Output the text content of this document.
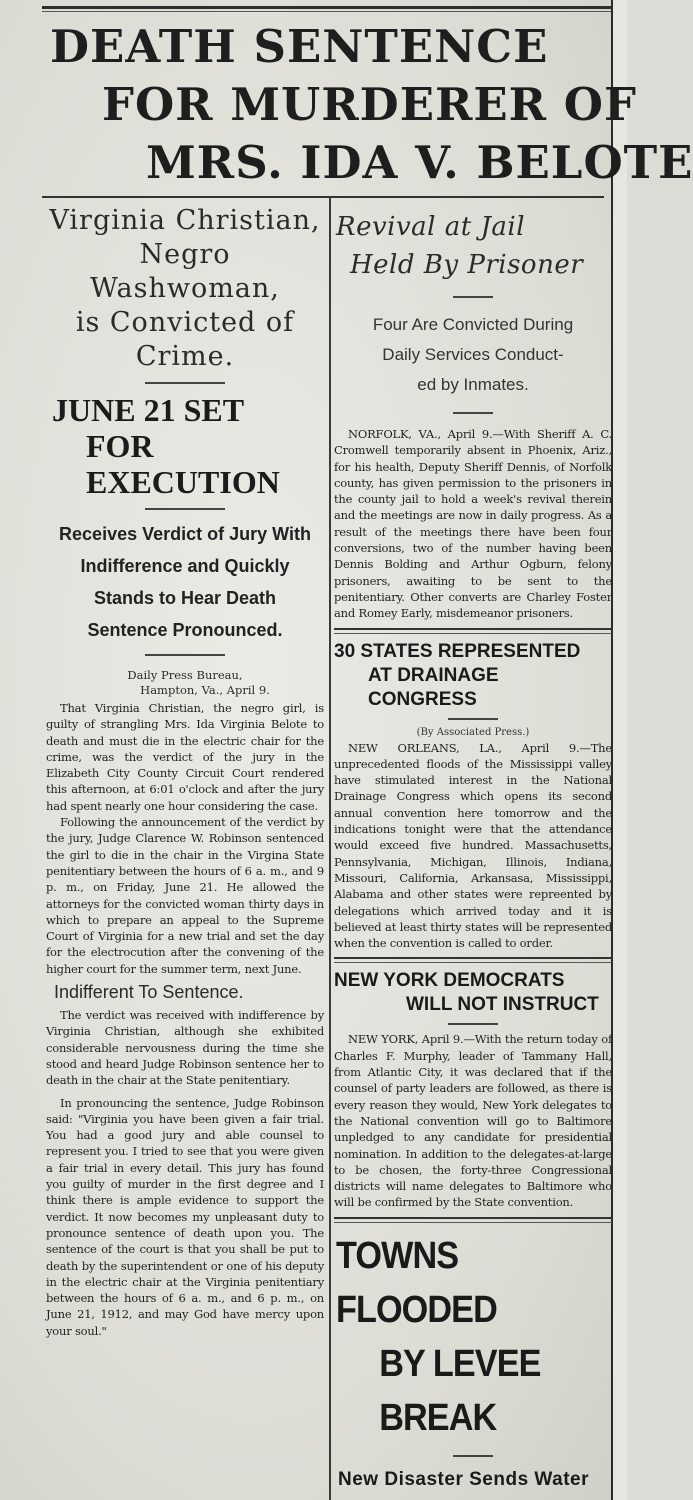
DEATH SENTENCE
FOR MURDERER OF
MRS. IDA V. BELOTE
Virginia Christian,
Negro Washwoman,
is Convicted of
Crime.
JUNE 21 SET
FOR EXECUTION
Receives Verdict of Jury With
Indifference and Quickly
Stands to Hear Death
Sentence Pronounced.
Daily Press Bureau,
Hampton, Va., April 9.

That Virginia Christian, the negro girl, is guilty of strangling Mrs. Ida Virginia Belote to death and must die in the electric chair for the crime, was the verdict of the jury in the Elizabeth City County Circuit Court rendered this afternoon, at 6:01 o'clock and after the jury had spent nearly one hour considering the case.

Following the announcement of the verdict by the jury, Judge Clarence W. Robinson sentenced the girl to die in the chair in the Virgina State penitentiary between the hours of 6 a. m., and 9 p. m., on Friday, June 21. He allowed the attorneys for the convicted woman thirty days in which to prepare an appeal to the Supreme Court of Virginia for a new trial and set the day for the electrocution after the convening of the higher court for the summer term, next June.

Indifferent To Sentence.

The verdict was received with indifference by Virginia Christian, although she exhibited considerable nervousness during the time she stood and heard Judge Robinson sentence her to death in the chair at the State penitentiary.

In pronouncing the sentence, Judge Robinson said: "Virginia you have been given a fair trial. You had a good jury and able counsel to represent you. I tried to see that you were given a fair trial in every detail. This jury has found you guilty of murder in the first degree and I think there is ample evidence to support the verdict. It now becomes my unpleasant duty to pronounce sentence of death upon you. The sentence of the court is that you shall be put to death by the superintendent or one of his deputy in the electric chair at the Virginia penitentiary between the hours of 6 a. m., and 6 p. m., on June 21, 1912, and may God have mercy upon your soul."

Revival at Jail
Held By Prisoner
Four Are Convicted During
Daily Services Conduct-
ed by Inmates.

NORFOLK, VA., April 9.—With Sheriff A. C. Cromwell temporarily absent in Phoenix, Ariz., for his health, Deputy Sheriff Dennis, of Norfolk county, has given permission to the prisoners in the county jail to hold a week's revival therein and the meetings are now in daily progress. As a result of the meetings there have been four conversions, two of the number having been Dennis Bolding and Arthur Ogburn, felony prisoners, awaiting to be sent to the penitentiary. Other converts are Charley Foster and Romey Early, misdemeanor prisoners.

30 STATES REPRESENTED
AT DRAINAGE CONGRESS
(By Associated Press.)

NEW ORLEANS, LA., April 9.—The unprecedented floods of the Mississippi valley have stimulated interest in the National Drainage Congress which opens its second annual convention here tomorrow and the indications tonight were that the attendance would exceed five hundred. Massachusetts, Pennsylvania, Michigan, Illinois, Indiana, Missouri, California, Arkansasa, Mississippi, Alabama and other states were repreented by delegations which arrived today and it is believed at least thirty states will be represented when the convention is called to order.

NEW YORK DEMOCRATS
WILL NOT INSTRUCT

NEW YORK, April 9.—With the return today of Charles F. Murphy, leader of Tammany Hall, from Atlantic City, it was declared that if the counsel of party leaders are followed, as there is every reason they would, New York delegates to the National convention will go to Baltimore unpledged to any candidate for presidential nomination. In addition to the delegates-at-large to be chosen, the forty-three Congressional districts will name delegates to Baltimore who will be confirmed by the State convention.

TOWNS FLOODED
BY LEVEE BREAK
New Disaster Sends Water
